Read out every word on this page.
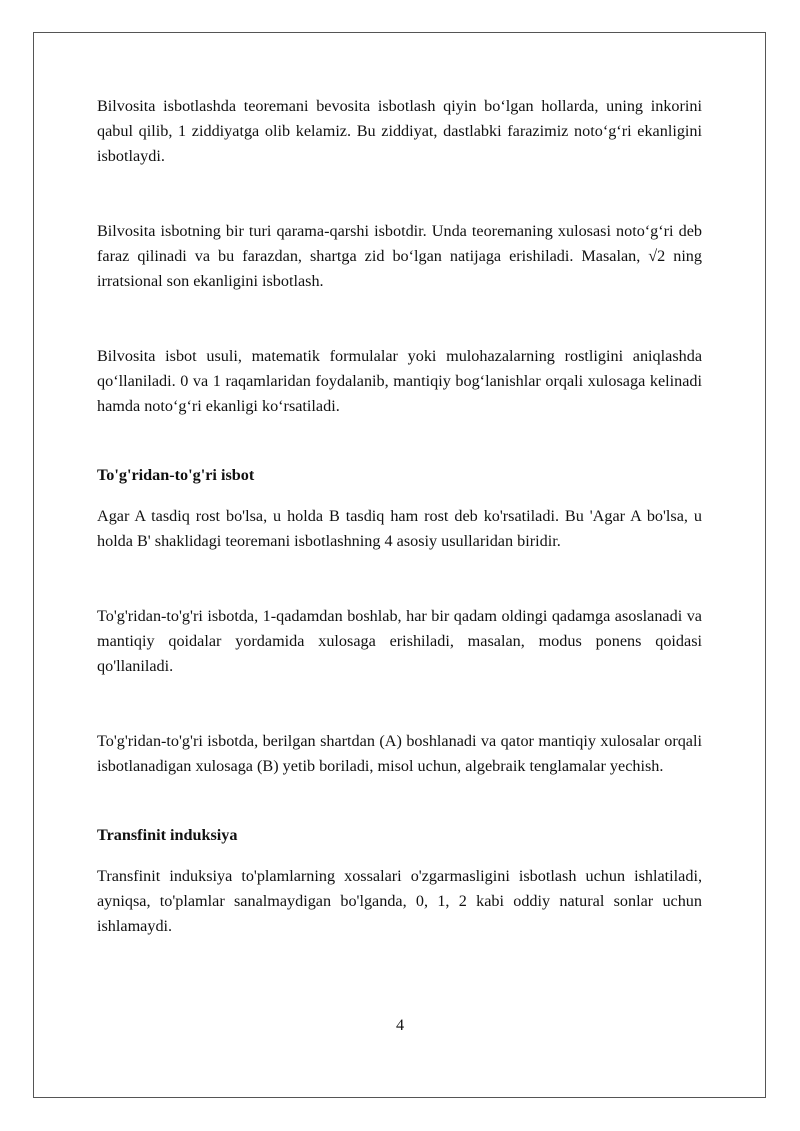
Bilvosita isbotlashda teoremani bevosita isbotlash qiyin bo‘lgan hollarda, uning inkorini qabul qilib, 1 ziddiyatga olib kelamiz. Bu ziddiyat, dastlabki farazimiz noto‘g‘ri ekanligini isbotlaydi.

Bilvosita isbotning bir turi qarama-qarshi isbotdir. Unda teoremaning xulosasi noto‘g‘ri deb faraz qilinadi va bu farazdan, shartga zid bo‘lgan natijaga erishiladi. Masalan, √2 ning irratsional son ekanligini isbotlash.

Bilvosita isbot usuli, matematik formulalar yoki mulohazalarning rostligini aniqlashda qo‘llaniladi. 0 va 1 raqamlaridan foydalanib, mantiqiy bog‘lanishlar orqali xulosaga kelinadi hamda noto‘g‘ri ekanligi ko‘rsatiladi.

To'g'ridan-to'g'ri isbot

Agar A tasdiq rost bo'lsa, u holda B tasdiq ham rost deb ko'rsatiladi. Bu 'Agar A bo'lsa, u holda B' shaklidagi teoremani isbotlashning 4 asosiy usullaridan biridir.

To'g'ridan-to'g'ri isbotda, 1-qadamdan boshlab, har bir qadam oldingi qadamga asoslanadi va mantiqiy qoidalar yordamida xulosaga erishiladi, masalan, modus ponens qoidasi qo'llaniladi.

To'g'ridan-to'g'ri isbotda, berilgan shartdan (A) boshlanadi va qator mantiqiy xulosalar orqali isbotlanadigan xulosaga (B) yetib boriladi, misol uchun, algebraik tenglamalar yechish.

Transfinit induksiya

Transfinit induksiya to'plamlarning xossalari o'zgarmasligini isbotlash uchun ishlatiladi, ayniqsa, to'plamlar sanalmaydigan bo'lganda, 0, 1, 2 kabi oddiy natural sonlar uchun ishlamaydi.

4
